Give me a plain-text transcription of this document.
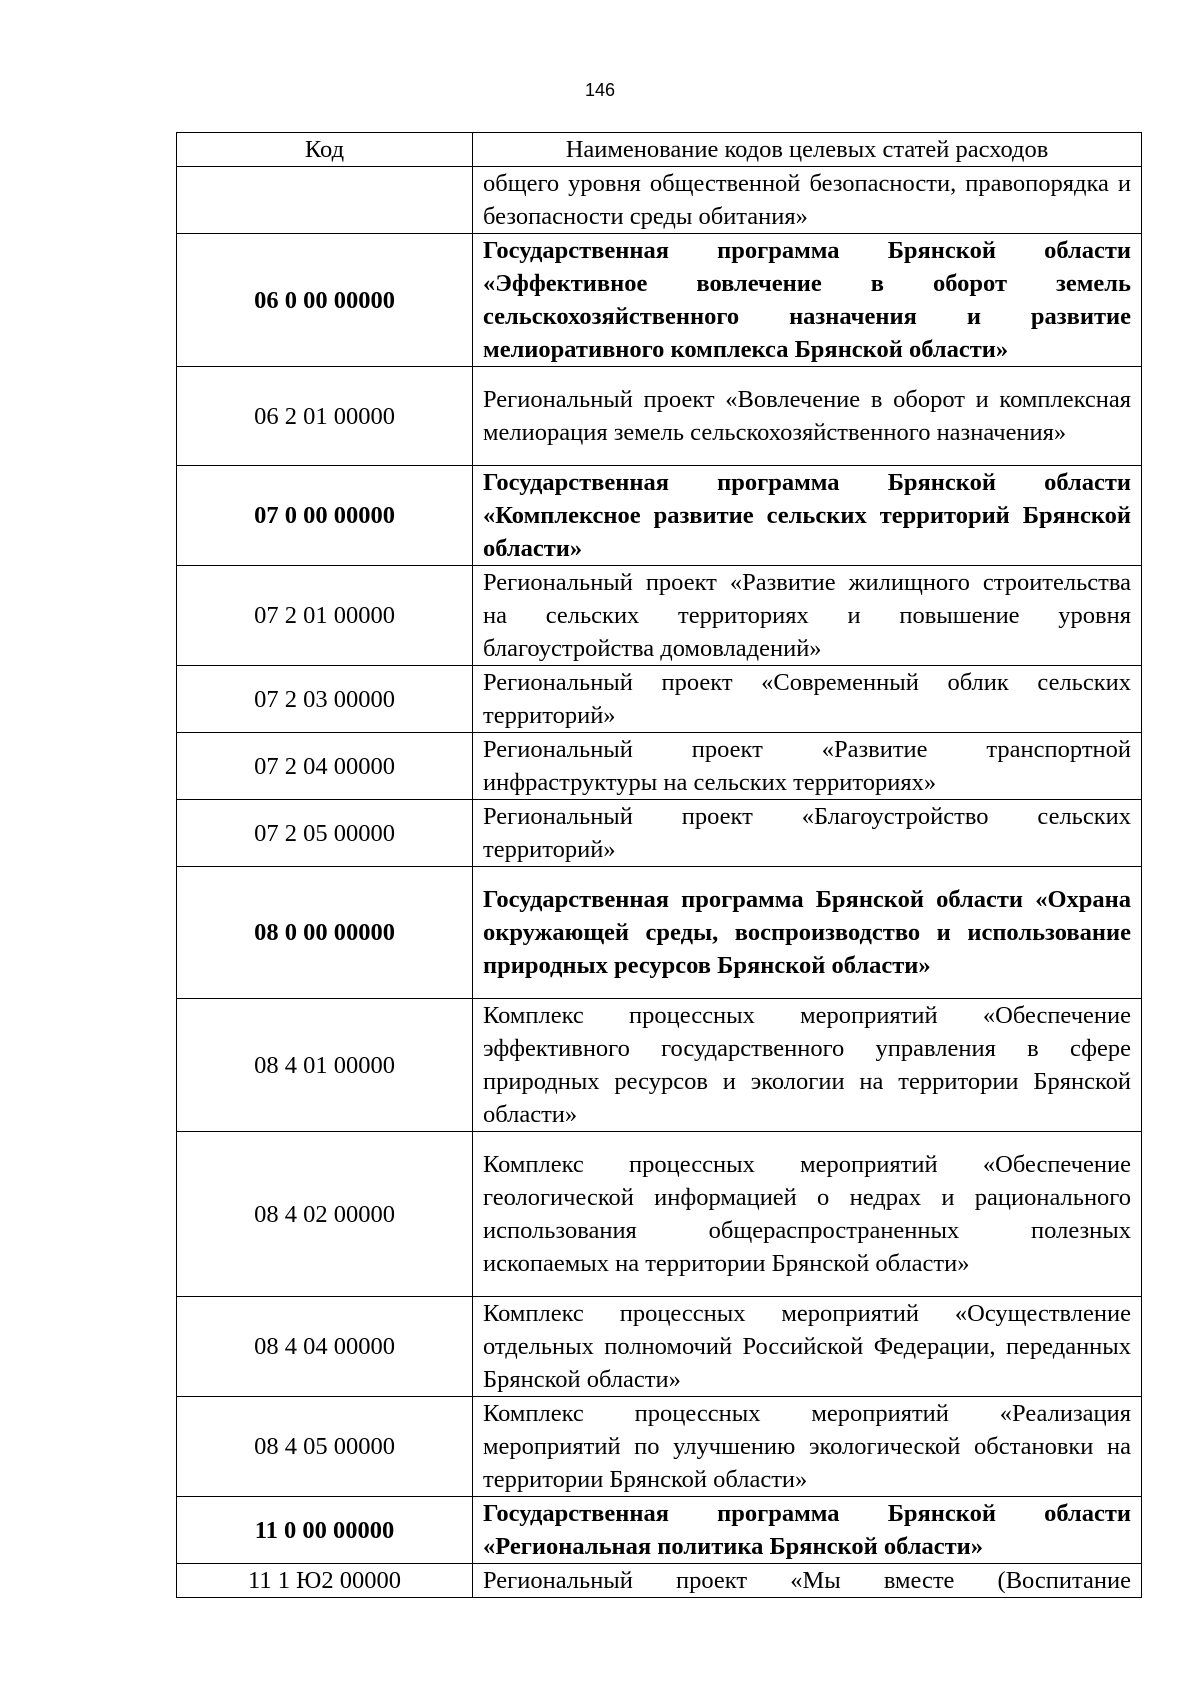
146
Код	Наименование кодов целевых статей расходов
	общего уровня общественной безопасности, правопорядка и безопасности среды обитания»
06 0 00 00000	Государственная программа Брянской области «Эффективное вовлечение в оборот земель сельскохозяйственного назначения и развитие мелиоративного комплекса Брянской области»
06 2 01 00000	Региональный проект «Вовлечение в оборот и комплексная мелиорация земель сельскохозяйственного назначения»
07 0 00 00000	Государственная программа Брянской области «Комплексное развитие сельских территорий Брянской области»
07 2 01 00000	Региональный проект «Развитие жилищного строительства на сельских территориях и повышение уровня благоустройства домовладений»
07 2 03 00000	Региональный проект «Современный облик сельских территорий»
07 2 04 00000	Региональный проект «Развитие транспортной инфраструктуры на сельских территориях»
07 2 05 00000	Региональный проект «Благоустройство сельских территорий»
08 0 00 00000	Государственная программа Брянской области «Охрана окружающей среды, воспроизводство и использование природных ресурсов Брянской области»
08 4 01 00000	Комплекс процессных мероприятий «Обеспечение эффективного государственного управления в сфере природных ресурсов и экологии на территории Брянской области»
08 4 02 00000	Комплекс процессных мероприятий «Обеспечение геологической информацией о недрах и рационального использования общераспространенных полезных ископаемых на территории Брянской области»
08 4 04 00000	Комплекс процессных мероприятий «Осуществление отдельных полномочий Российской Федерации, переданных Брянской области»
08 4 05 00000	Комплекс процессных мероприятий «Реализация мероприятий по улучшению экологической обстановки на территории Брянской области»
11 0 00 00000	Государственная программа Брянской области «Региональная политика Брянской области»
11 1 Ю2 00000	Региональный проект «Мы вместе (Воспитание
